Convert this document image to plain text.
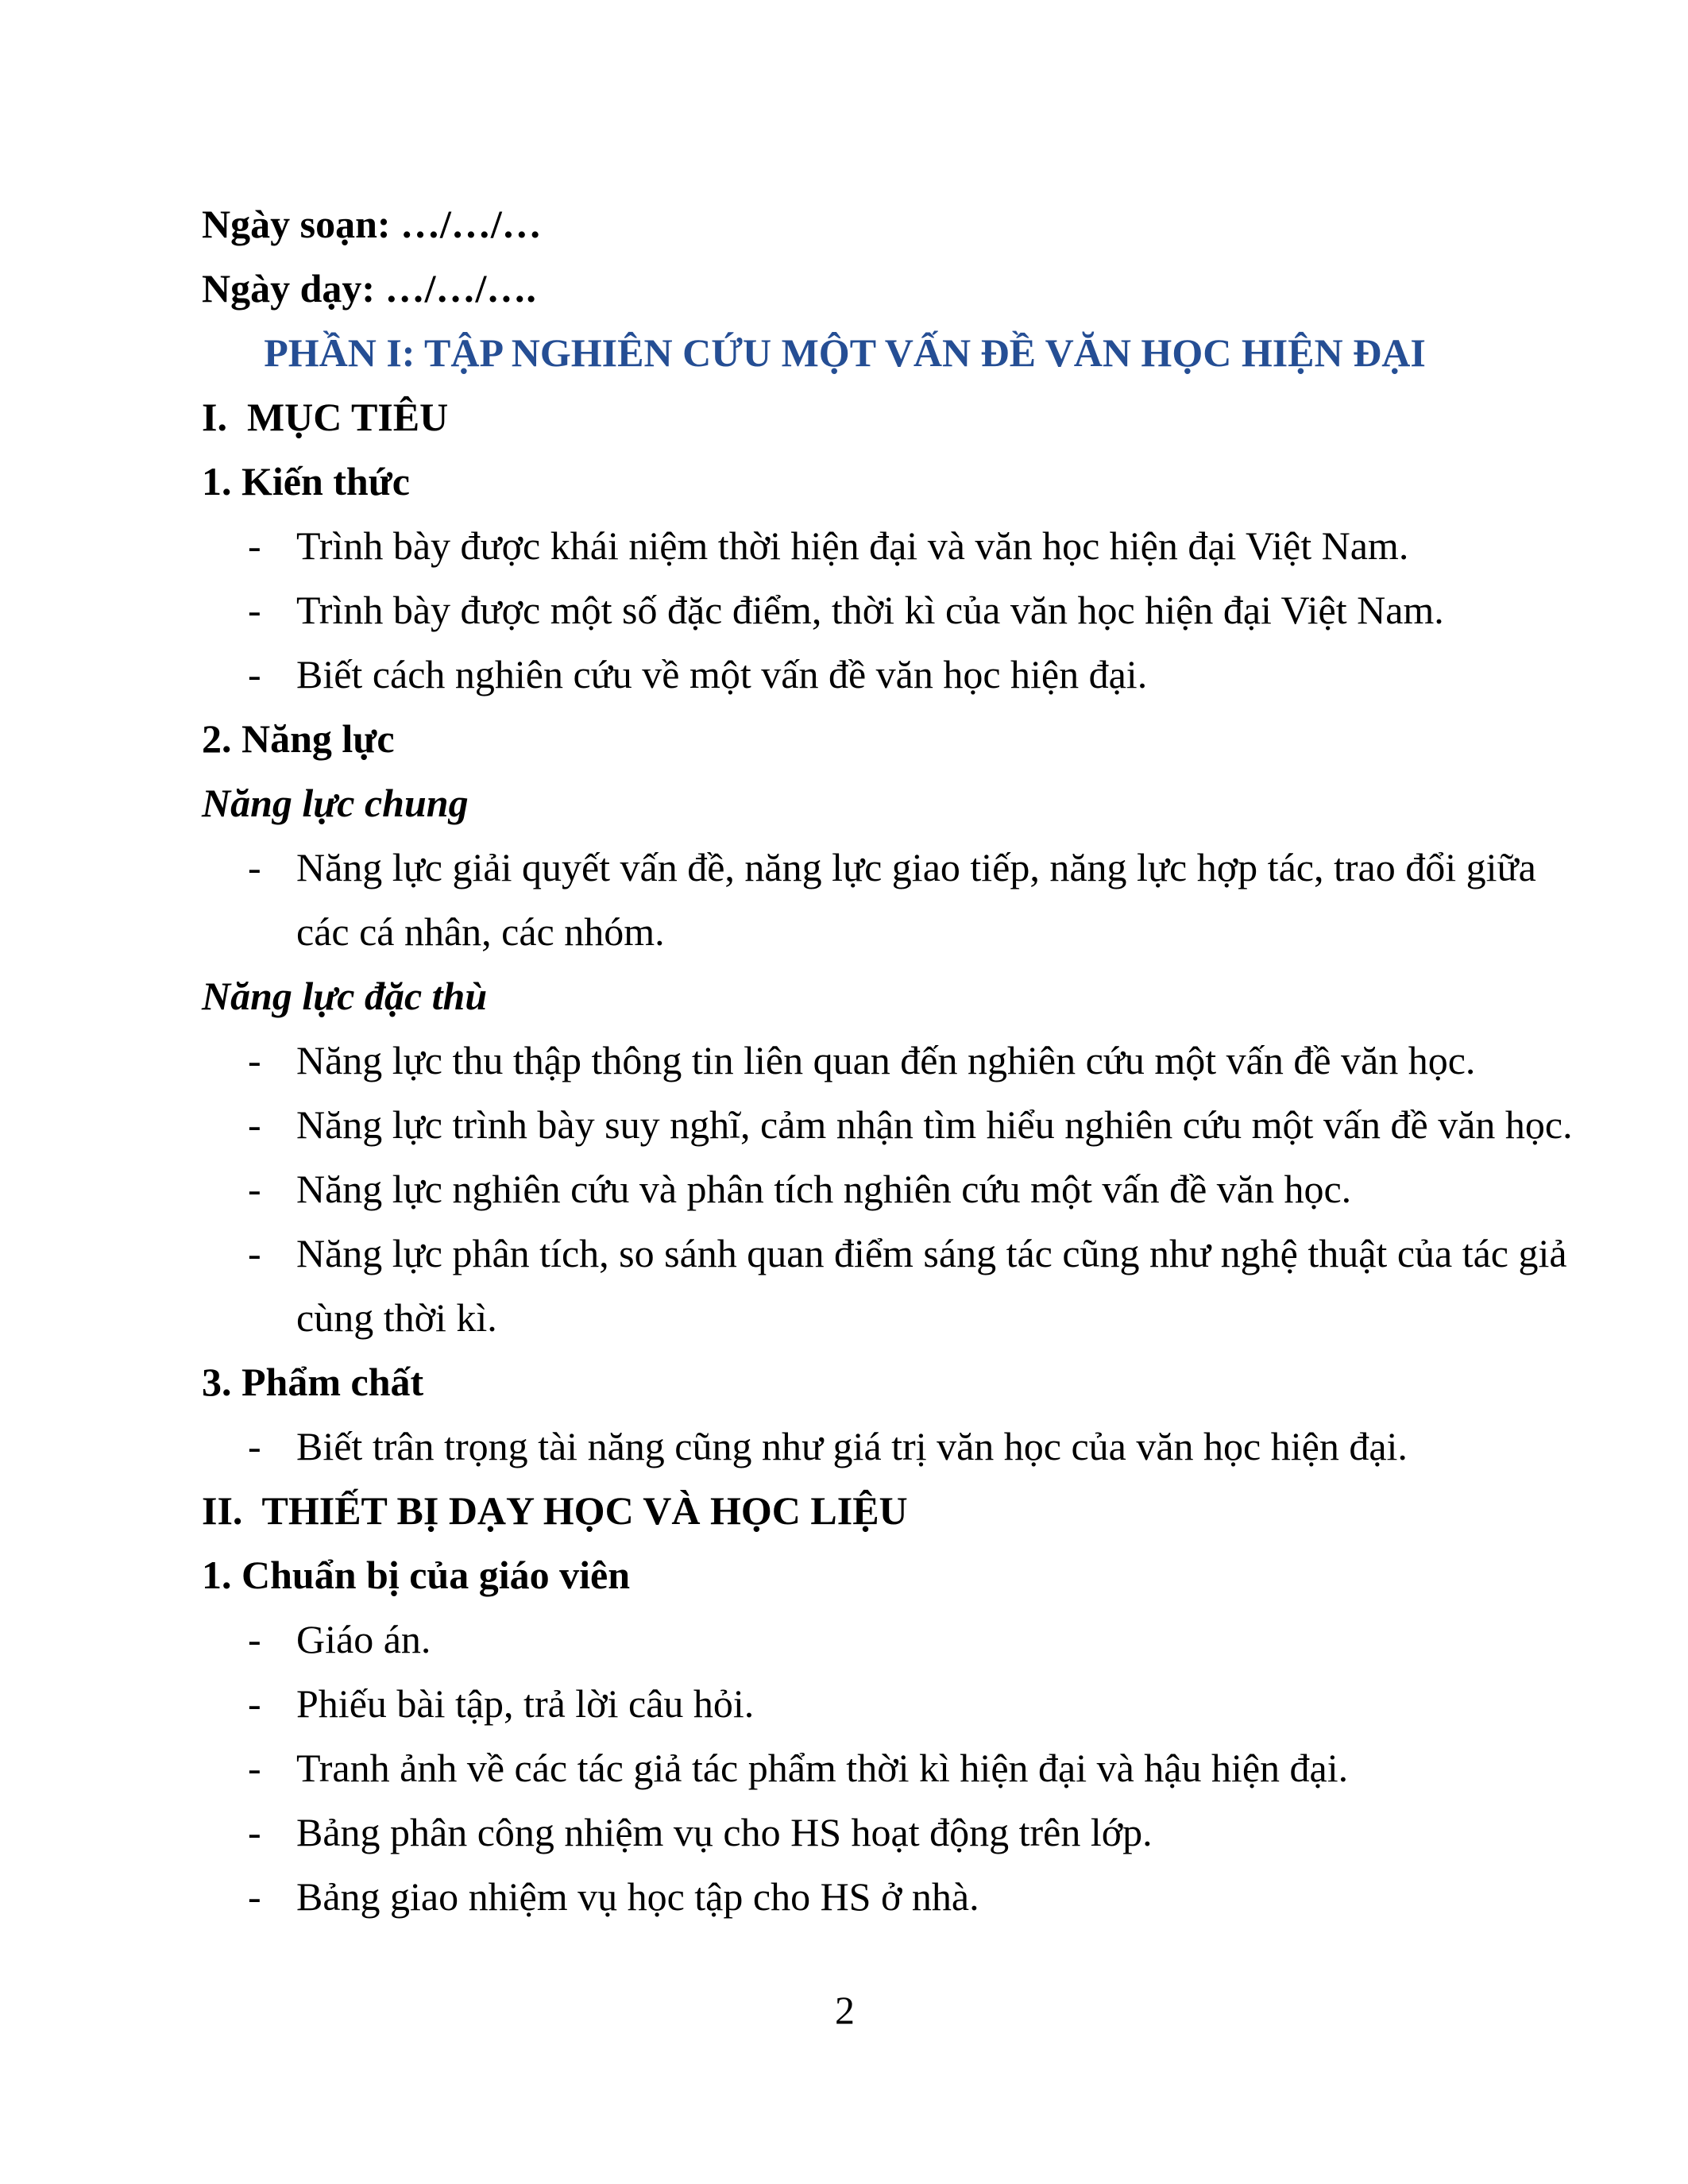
Ngày soạn: …/…/…
Ngày dạy: …/…/….
PHẦN I: TẬP NGHIÊN CỨU MỘT VẤN ĐỀ VĂN HỌC HIỆN ĐẠI
I.  MỤC TIÊU
1. Kiến thức
- Trình bày được khái niệm thời hiện đại và văn học hiện đại Việt Nam.
- Trình bày được một số đặc điểm, thời kì của văn học hiện đại Việt Nam.
- Biết cách nghiên cứu về một vấn đề văn học hiện đại.
2. Năng lực
Năng lực chung
- Năng lực giải quyết vấn đề, năng lực giao tiếp, năng lực hợp tác, trao đổi giữa
các cá nhân, các nhóm.
Năng lực đặc thù
- Năng lực thu thập thông tin liên quan đến nghiên cứu một vấn đề văn học.
- Năng lực trình bày suy nghĩ, cảm nhận tìm hiểu nghiên cứu một vấn đề văn học.
- Năng lực nghiên cứu và phân tích nghiên cứu một vấn đề văn học.
- Năng lực phân tích, so sánh quan điểm sáng tác cũng như nghệ thuật của tác giả
cùng thời kì.
3. Phẩm chất
- Biết trân trọng tài năng cũng như giá trị văn học của văn học hiện đại.
II.  THIẾT BỊ DẠY HỌC VÀ HỌC LIỆU
1. Chuẩn bị của giáo viên
- Giáo án.
- Phiếu bài tập, trả lời câu hỏi.
- Tranh ảnh về các tác giả tác phẩm thời kì hiện đại và hậu hiện đại.
- Bảng phân công nhiệm vụ cho HS hoạt động trên lớp.
- Bảng giao nhiệm vụ học tập cho HS ở nhà.
2
